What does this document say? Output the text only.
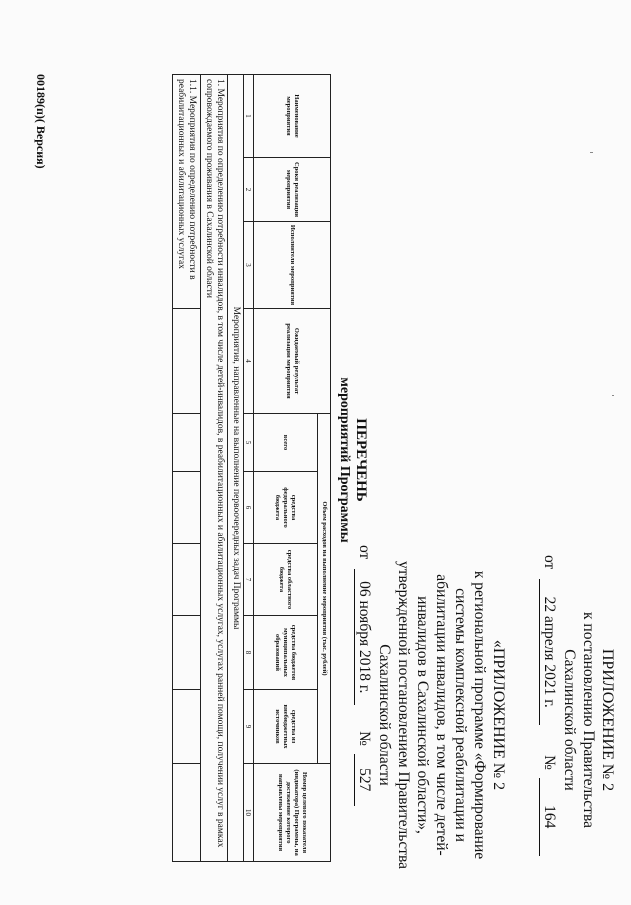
ПРИЛОЖЕНИЕ № 2
к постановлению Правительства
Сахалинской области
от 22 апреля 2021 г. № 164
«ПРИЛОЖЕНИЕ № 2
к региональной программе «Формирование
системы комплексной реабилитации и
абилитации инвалидов, в том числе детей-
инвалидов в Сахалинской области»,
утвержденной постановлением Правительства
Сахалинской области
от 06 ноября 2018 г. № 527
ПЕРЕЧЕНЬ
мероприятий Программы
Наименование мероприятия	Сроки реализации мероприятия	Исполнители мероприятия	Ожидаемый результат реализации мероприятия	Объем расходов на выполнение мероприятия (тыс. рублей)					Номер целевого показателя (индикатора) Программы, на достижение которого направлены мероприятия
				всего	средства федерального бюджета	средства областного бюджета	средства бюджетов муниципальных образований	средства из внебюджетных источников	
1	2	3	4	5	6	7	8	9	10
Мероприятия, направленные на выполнение первоочередных задач Программы									
1. Мероприятия по определению потребности инвалидов, в том числе детей-инвалидов, в реабилитационных и абилитационных услугах, услугах ранней помощи, получении услуг в рамках сопровождаемого проживания в Сахалинской области									
1.1. Мероприятия по определению потребности в реабилитационных и абилитационных услугах									
00189(п)( Версия)
